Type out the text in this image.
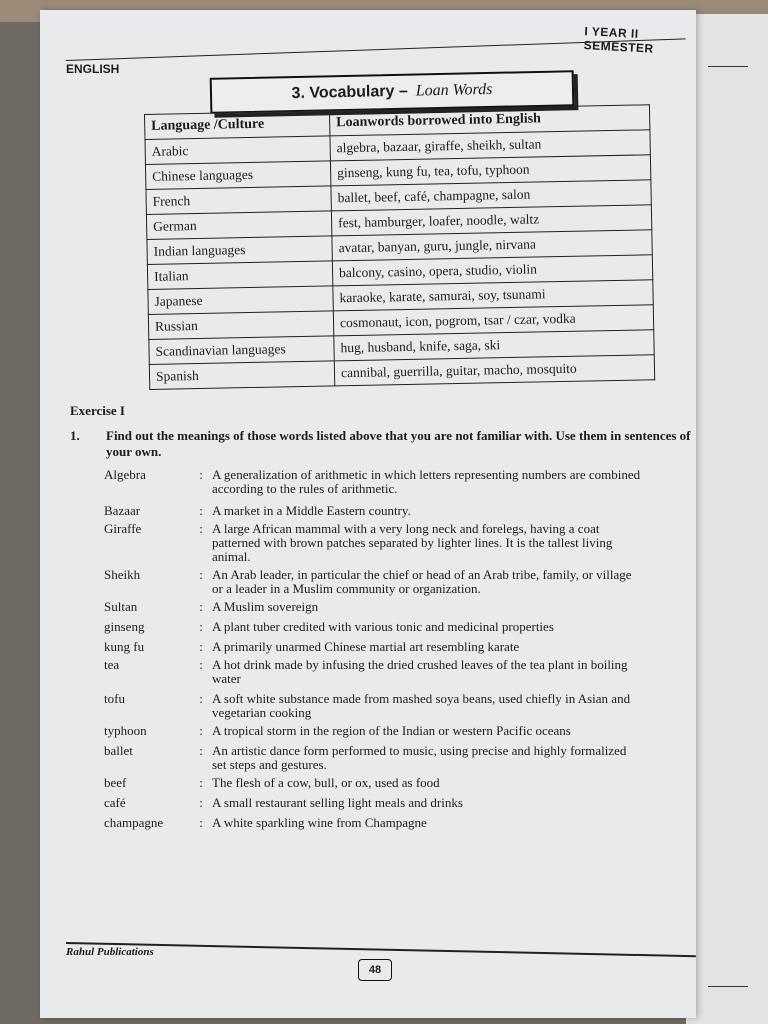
I YEAR II SEMESTER
ENGLISH
3. Vocabulary – Loan Words
Language /Culture	Loanwords borrowed into English
Arabic	algebra, bazaar, giraffe, sheikh, sultan
Chinese languages	ginseng, kung fu, tea, tofu, typhoon
French	ballet, beef, café, champagne, salon
German	fest, hamburger, loafer, noodle, waltz
Indian languages	avatar, banyan, guru, jungle, nirvana
Italian	balcony, casino, opera, studio, violin
Japanese	karaoke, karate, samurai, soy, tsunami
Russian	cosmonaut, icon, pogrom, tsar / czar, vodka
Scandinavian languages	hug, husband, knife, saga, ski
Spanish	cannibal, guerrilla, guitar, macho, mosquito
Exercise I
1. Find out the meanings of those words listed above that you are not familiar with. Use them in sentences of your own.
Algebra	: A generalization of arithmetic in which letters representing numbers are combined
according to the rules of arithmetic.
Bazaar	: A market in a Middle Eastern country.
Giraffe	: A large African mammal with a very long neck and forelegs, having a coat
patterned with brown patches separated by lighter lines. It is the tallest living
animal.
Sheikh	: An Arab leader, in particular the chief or head of an Arab tribe, family, or village
or a leader in a Muslim community or organization.
Sultan	: A Muslim sovereign
ginseng	: A plant tuber credited with various tonic and medicinal properties
kung fu	: A primarily unarmed Chinese martial art resembling karate
tea	: A hot drink made by infusing the dried crushed leaves of the tea plant in boiling
water
tofu	: A soft white substance made from mashed soya beans, used chiefly in Asian and
vegetarian cooking
typhoon	: A tropical storm in the region of the Indian or western Pacific oceans
ballet	: An artistic dance form performed to music, using precise and highly formalized
set steps and gestures.
beef	: The flesh of a cow, bull, or ox, used as food
café	: A small restaurant selling light meals and drinks
champagne	: A white sparkling wine from Champagne
Rahul Publications
48
